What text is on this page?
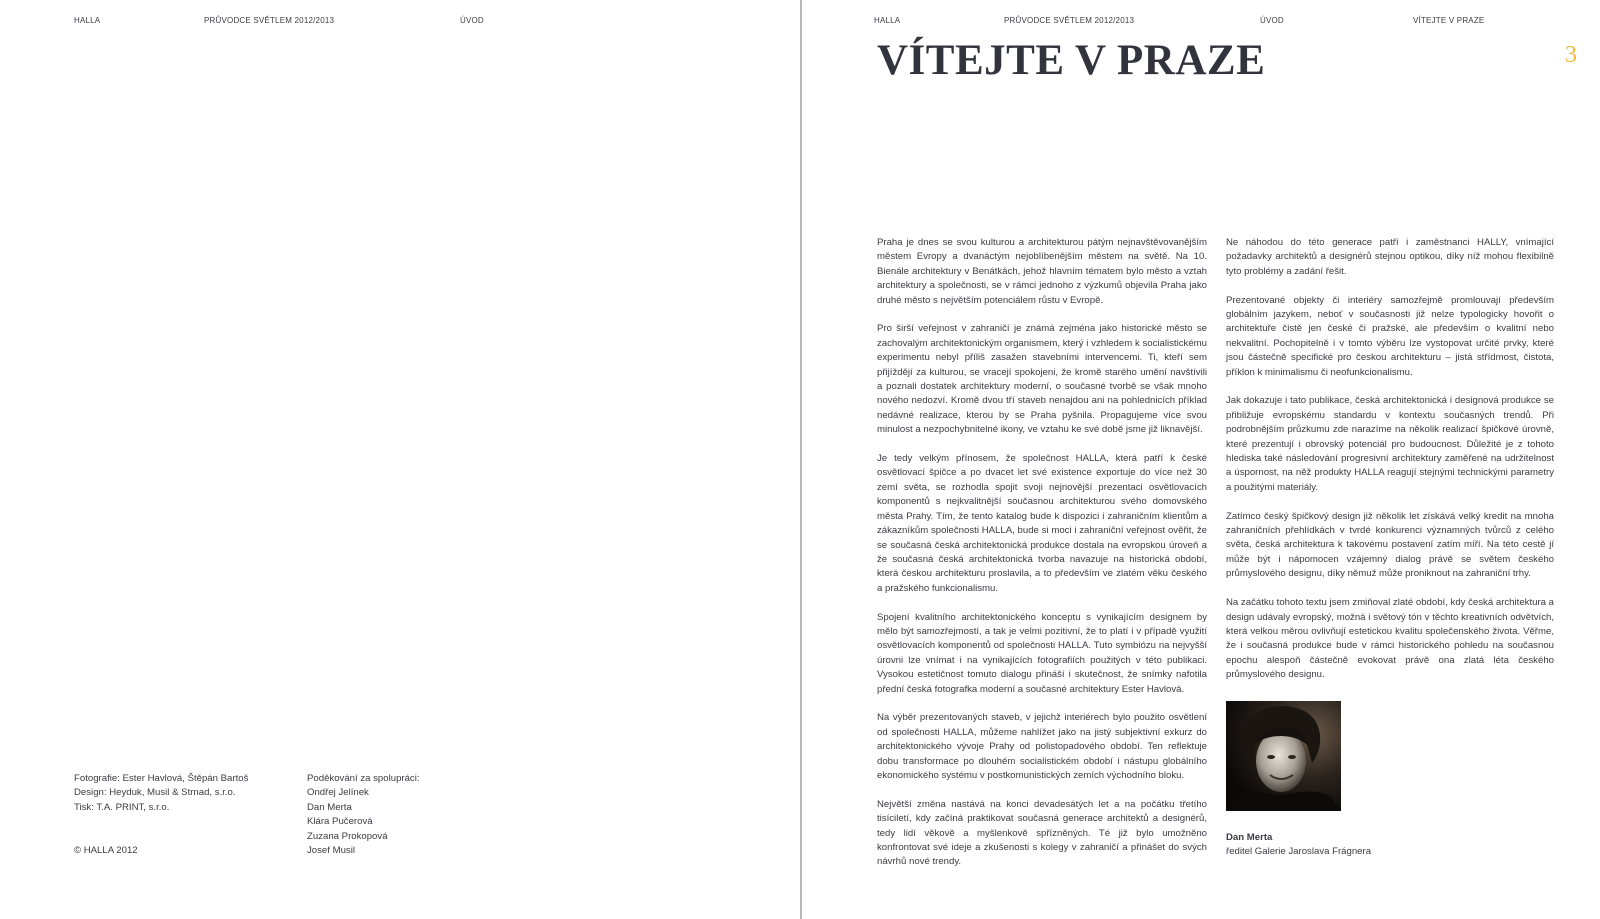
HALLA	PRŮVODCE SVĚTLEM 2012/2013	ÚVOD
Fotografie: Ester Havlová, Štěpán Bartoš
Design: Heyduk, Musil & Strnad, s.r.o.
Tisk: T.A. PRINT, s.r.o.
© HALLA 2012
Poděkování za spolupráci:
Ondřej Jelínek
Dan Merta
Klára Pučerová
Zuzana Prokopová
Josef Musil
HALLA	PRŮVODCE SVĚTLEM 2012/2013	ÚVOD	VÍTEJTE V PRAZE
VÍTEJTE V PRAZE	3

Praha je dnes se svou kulturou a architekturou pátým nejnavštěvovanějším městem Evropy a dvanáctým nejoblíbenějším městem na světě. Na 10. Bienále architektury v Benátkách, jehož hlavním tématem bylo město a vztah architektury a společnosti, se v rámci jednoho z výzkumů objevila Praha jako druhé město s největším potenciálem růstu v Evropě.

Pro širší veřejnost v zahraničí je známá zejména jako historické město se zachovalým architektonickým organismem, který i vzhledem k socialistickému experimentu nebyl příliš zasažen stavebními intervencemi. Ti, kteří sem přijíždějí za kulturou, se vracejí spokojeni, že kromě starého umění navštívili a poznali dostatek architektury moderní, o současné tvorbě se však mnoho nového nedozví. Kromě dvou tří staveb nenajdou ani na pohlednicích příklad nedávné realizace, kterou by se Praha pyšnila. Propagujeme více svou minulost a nezpochybnitelné ikony, ve vztahu ke své době jsme již liknavější.

Je tedy velkým přínosem, že společnost HALLA, která patří k české osvětlovací špičce a po dvacet let své existence exportuje do více než 30 zemí světa, se rozhodla spojit svoji nejnovější prezentaci osvětlovacích komponentů s nejkvalitnější současnou architekturou svého domovského města Prahy. Tím, že tento katalog bude k dispozici i zahraničním klientům a zákazníkům společnosti HALLA, bude si moci i zahraniční veřejnost ověřit, že se současná česká architektonická produkce dostala na evropskou úroveň a že současná česká architektonická tvorba navazuje na historická období, která českou architekturu proslavila, a to především ve zlatém věku českého a pražského funkcionalismu.

Spojení kvalitního architektonického konceptu s vynikajícím designem by mělo být samozřejmostí, a tak je velmi pozitivní, že to platí i v případě využití osvětlovacích komponentů od společnosti HALLA. Tuto symbiózu na nejvyšší úrovni lze vnímat i na vynikajících fotografiích použitých v této publikaci. Vysokou estetičnost tomuto dialogu přináší i skutečnost, že snímky nafotila přední česká fotografka moderní a současné architektury Ester Havlová.

Na výběr prezentovaných staveb, v jejichž interiérech bylo použito osvětlení od společnosti HALLA, můžeme nahlížet jako na jistý subjektivní exkurz do architektonického vývoje Prahy od polistopadového období. Ten reflektuje dobu transformace po dlouhém socialistickém období i nástupu globálního ekonomického systému v postkomunistických zemích východního bloku.

Největší změna nastává na konci devadesátých let a na počátku třetího tisíciletí, kdy začíná praktikovat současná generace architektů a designérů, tedy lidí věkově a myšlenkově spřízněných. Té již bylo umožněno konfrontovat své ideje a zkušenosti s kolegy v zahraničí a přinášet do svých návrhů nové trendy.

Ne náhodou do této generace patří i zaměstnanci HALLY, vnímající požadavky architektů a designérů stejnou optikou, díky níž mohou flexibilně tyto problémy a zadání řešit.

Prezentované objekty či interiéry samozřejmě promlouvají především globálním jazykem, neboť v současnosti již nelze typologicky hovořit o architektuře čistě jen české či pražské, ale především o kvalitní nebo nekvalitní. Pochopitelně i v tomto výběru lze vystopovat určité prvky, které jsou částečně specifické pro českou architekturu – jistá střídmost, čistota, příklon k minimalismu či neofunkcionalismu.

Jak dokazuje i tato publikace, česká architektonická i designová produkce se přibližuje evropskému standardu v kontextu současných trendů. Při podrobnějším průzkumu zde narazíme na několik realizací špičkové úrovně, které prezentují i obrovský potenciál pro budoucnost. Důležité je z tohoto hlediska také následování progresivní architektury zaměřené na udržitelnost a úspornost, na něž produkty HALLA reagují stejnými technickými parametry a použitými materiály.

Zatímco český špičkový design již několik let získává velký kredit na mnoha zahraničních přehlídkách v tvrdé konkurenci významných tvůrců z celého světa, česká architektura k takovému postavení zatím míří. Na této cestě jí může být i nápomocen vzájemný dialog právě se světem českého průmyslového designu, díky němuž může proniknout na zahraniční trhy.

Na začátku tohoto textu jsem zmiňoval zlaté období, kdy česká architektura a design udávaly evropský, možná i světový tón v těchto kreativních odvětvích, která velkou měrou ovlivňují estetickou kvalitu společenského života. Věřme, že i současná produkce bude v rámci historického pohledu na současnou epochu alespoň částečně evokovat právě ona zlatá léta českého průmyslového designu.

Dan Merta
ředitel Galerie Jaroslava Frágnera
